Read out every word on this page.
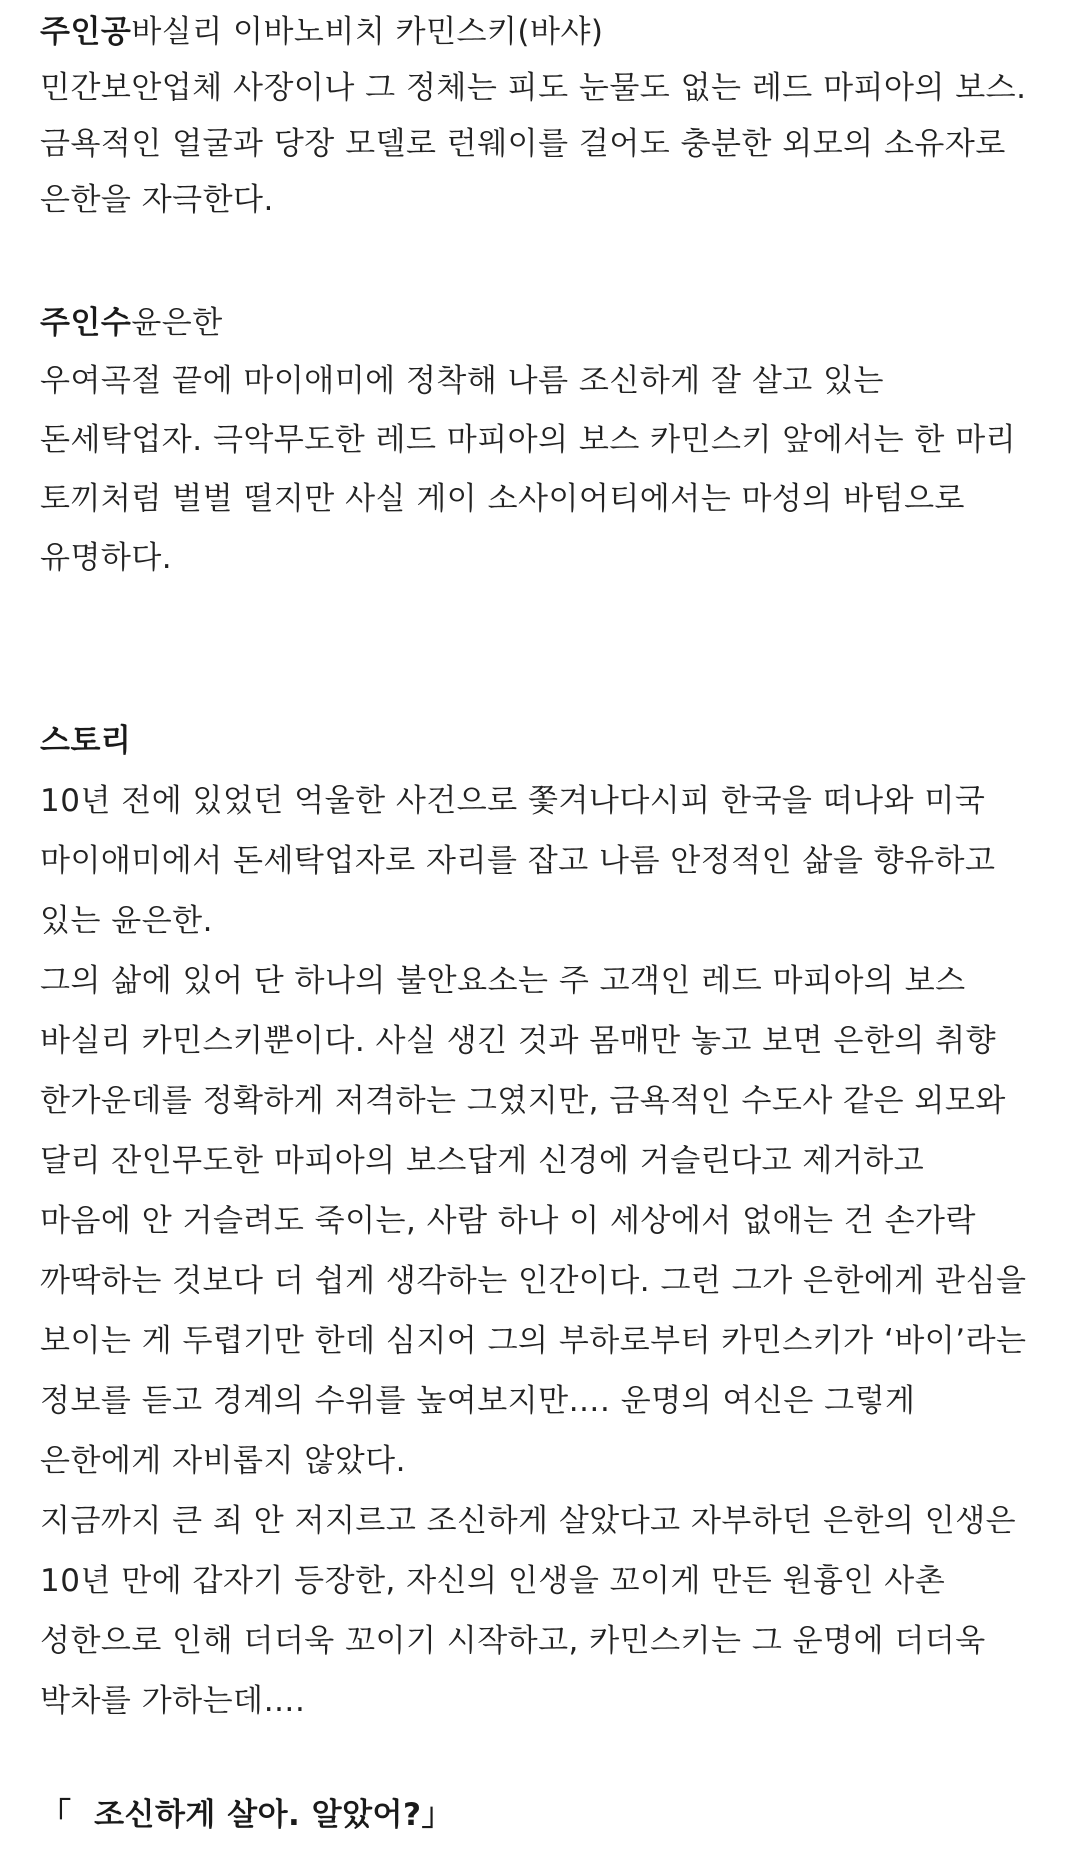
주인공바실리 이바노비치 카민스키(바샤)
민간보안업체 사장이나 그 정체는 피도 눈물도 없는 레드 마피아의 보스.
금욕적인 얼굴과 당장 모델로 런웨이를 걸어도 충분한 외모의 소유자로
은한을 자극한다.
주인수윤은한
우여곡절 끝에 마이애미에 정착해 나름 조신하게 잘 살고 있는
돈세탁업자. 극악무도한 레드 마피아의 보스 카민스키 앞에서는 한 마리
토끼처럼 벌벌 떨지만 사실 게이 소사이어티에서는 마성의 바텀으로
유명하다.
스토리
10년 전에 있었던 억울한 사건으로 쫓겨나다시피 한국을 떠나와 미국
마이애미에서 돈세탁업자로 자리를 잡고 나름 안정적인 삶을 향유하고
있는 윤은한.
그의 삶에 있어 단 하나의 불안요소는 주 고객인 레드 마피아의 보스
바실리 카민스키뿐이다. 사실 생긴 것과 몸매만 놓고 보면 은한의 취향
한가운데를 정확하게 저격하는 그였지만, 금욕적인 수도사 같은 외모와
달리 잔인무도한 마피아의 보스답게 신경에 거슬린다고 제거하고
마음에 안 거슬려도 죽이는, 사람 하나 이 세상에서 없애는 건 손가락
까딱하는 것보다 더 쉽게 생각하는 인간이다. 그런 그가 은한에게 관심을
보이는 게 두렵기만 한데 심지어 그의 부하로부터 카민스키가 ‘바이’라는
정보를 듣고 경계의 수위를 높여보지만…. 운명의 여신은 그렇게
은한에게 자비롭지 않았다.
지금까지 큰 죄 안 저지르고 조신하게 살았다고 자부하던 은한의 인생은
10년 만에 갑자기 등장한, 자신의 인생을 꼬이게 만든 원흉인 사촌
성한으로 인해 더더욱 꼬이기 시작하고, 카민스키는 그 운명에 더더욱
박차를 가하는데….
「  조신하게 살아. 알았어?」
